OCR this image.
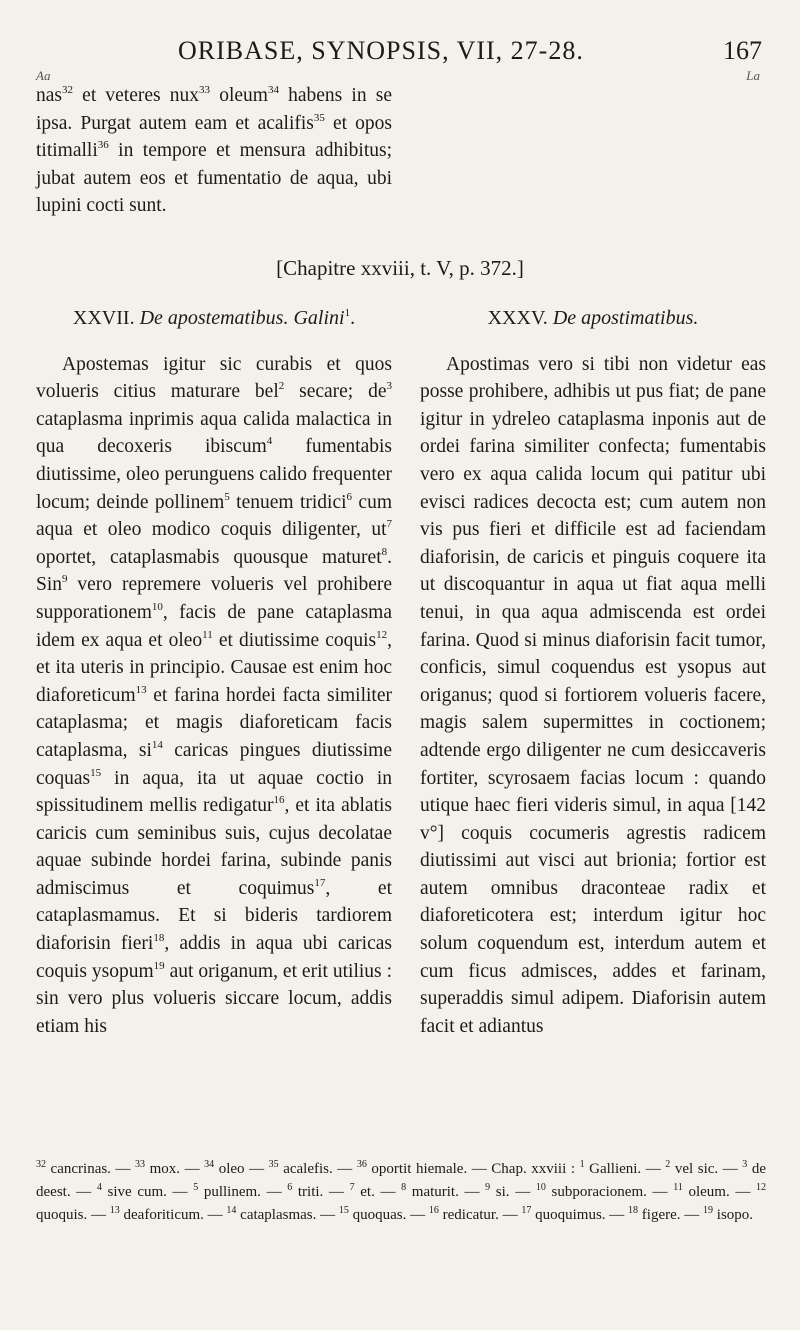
ORIBASE, SYNOPSIS, VII, 27-28.	167
Aa	La
nas$^{32}$ et veteres nux$^{33}$ oleum$^{34}$ habens in se ipsa. Purgat autem eam et acalifis$^{35}$ et opos titimalli$^{36}$ in tempore et mensura adhibitus; jubat autem eos et fumentatio de aqua, ubi lupini cocti sunt.
[Chapitre xxviii, t. V, p. 372.]
XXVII. De apostematibus. Galini$^1$.

Apostemas igitur sic curabis et quos volueris citius maturare bel$^2$ secare; $de^3$ cataplasma inprimis aqua calida malactica in qua decoxeris ibiscum$^4$ fumentabis diutissime, oleo perunguens calido frequenter locum; deinde pollinem$^5$ tenuem tridici$^6$ cum aqua et oleo modico coquis diligenter, $ut^7$ oportet, cataplasmabis quousque maturet$^8$. Sin$^9$ vero repremere volueris vel prohibere supporationem$^{10}$, facis de pane cataplasma idem ex aqua et oleo$^{11}$ et diutissime coquis$^{12}$, et ita uteris in principio. Causae est enim hoc diaforeticum$^{13}$ et farina hordei facta similiter cataplasma; et magis diaforeticam facis cataplasma, $si^{14}$ caricas pingues diutissime coquas$^{15}$ in aqua, ita ut aquae coctio in spissitudinem mellis redigatur$^{16}$, et ita ablatis caricis cum seminibus suis, cujus decolatae aquae subinde hordei farina, subinde panis admiscimus et coquimus$^{17}$, et cataplasmamus. Et si bideris tardiorem diaforisin fieri$^{18}$, addis in aqua ubi caricas coquis ysopum$^{19}$ aut origanum, et erit utilius : sin vero plus volueris siccare locum, addis etiam his

XXXV. De apostimatibus.

Apostimas vero si tibi non videtur eas posse prohibere, adhibis ut pus fiat; de pane igitur in ydreleo cataplasma inponis aut de ordei farina similiter confecta; fumentabis vero ex aqua calida locum qui patitur ubi evisci radices decocta est; cum autem non vis pus fieri et difficile est ad faciendam diaforisin, de caricis et pinguis coquere ita ut discoquantur in aqua ut fiat aqua melli tenui, in qua aqua admiscenda est ordei farina. Quod si minus diaforisin facit tumor, conficis, simul coquendus est ysopus aut origanus; quod si fortiorem volueris facere, magis salem supermittes in coctionem; adtende ergo diligenter ne cum desiccaveris fortiter, scyrosaem facias locum : quando utique haec fieri videris simul, in aqua [142 v°] coquis cocumeris agrestis radicem diutissimi aut visci aut brionia; fortior est autem omnibus draconteae radix et diaforeticotera est; interdum igitur hoc solum coquendum est, interdum autem et cum ficus admisces, addes et farinam, superaddis simul adipem. Diaforisin autem facit et adiantus

$^{32}$ cancrinas. — $^{33}$ mox. — $^{34}$ oleo — $^{35}$ acalefis. — $^{36}$ oportit hiemale. — Chap. xxviii : $^1$ Gallieni. — $^2$ vel sic. — $^3$ de deest. — $^4$ sive cum. — $^5$ pullinem. — $^6$ triti. — $^7$ et. — $^8$ maturit. — $^9$ si. — $^{10}$ subporacionem. — $^{11}$ oleum. — $^{12}$ quoquis. — $^{13}$ deaforiticum. — $^{14}$ cataplasmas. — $^{15}$ quoquas. — $^{16}$ redicatur. — $^{17}$ quoquimus. — $^{18}$ figere. — $^{19}$ isopo.
